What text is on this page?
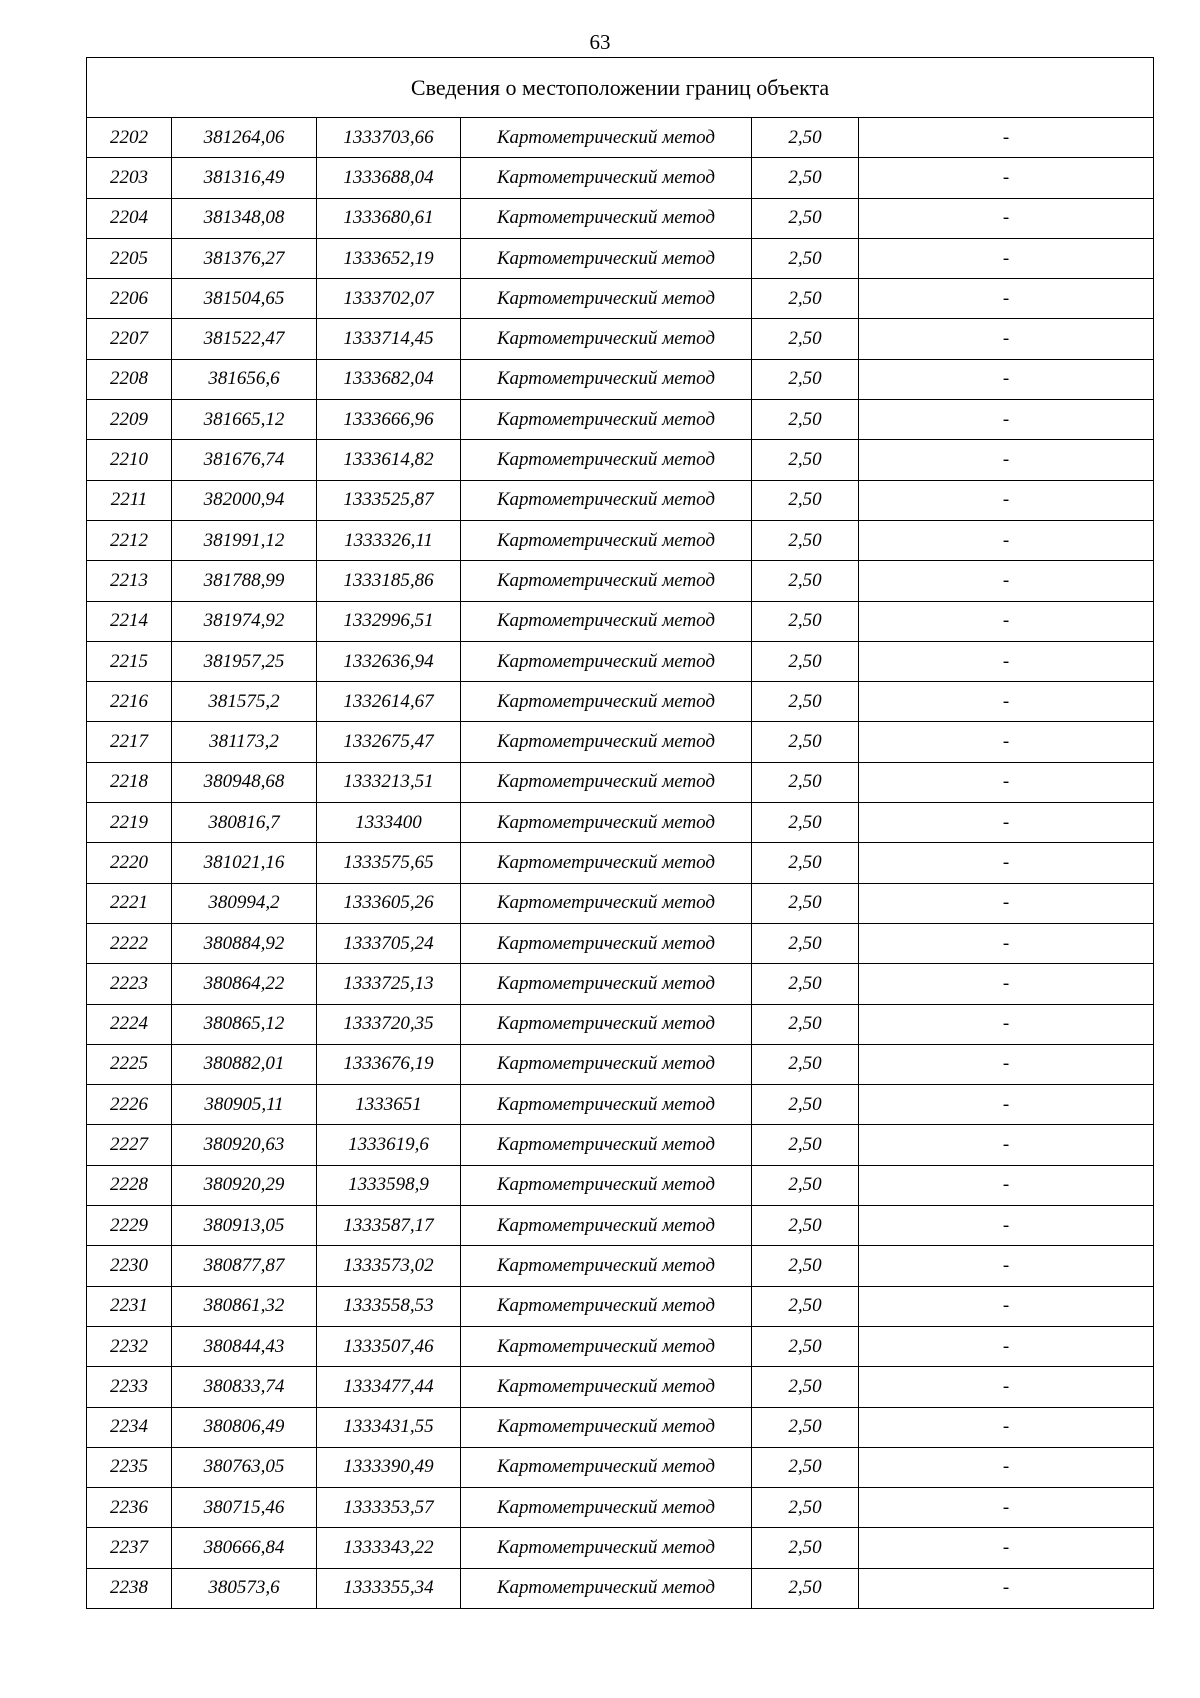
63
Сведения о местоположении границ объекта					
2202	381264,06	1333703,66	Картометрический метод	2,50	-
2203	381316,49	1333688,04	Картометрический метод	2,50	-
2204	381348,08	1333680,61	Картометрический метод	2,50	-
2205	381376,27	1333652,19	Картометрический метод	2,50	-
2206	381504,65	1333702,07	Картометрический метод	2,50	-
2207	381522,47	1333714,45	Картометрический метод	2,50	-
2208	381656,6	1333682,04	Картометрический метод	2,50	-
2209	381665,12	1333666,96	Картометрический метод	2,50	-
2210	381676,74	1333614,82	Картометрический метод	2,50	-
2211	382000,94	1333525,87	Картометрический метод	2,50	-
2212	381991,12	1333326,11	Картометрический метод	2,50	-
2213	381788,99	1333185,86	Картометрический метод	2,50	-
2214	381974,92	1332996,51	Картометрический метод	2,50	-
2215	381957,25	1332636,94	Картометрический метод	2,50	-
2216	381575,2	1332614,67	Картометрический метод	2,50	-
2217	381173,2	1332675,47	Картометрический метод	2,50	-
2218	380948,68	1333213,51	Картометрический метод	2,50	-
2219	380816,7	1333400	Картометрический метод	2,50	-
2220	381021,16	1333575,65	Картометрический метод	2,50	-
2221	380994,2	1333605,26	Картометрический метод	2,50	-
2222	380884,92	1333705,24	Картометрический метод	2,50	-
2223	380864,22	1333725,13	Картометрический метод	2,50	-
2224	380865,12	1333720,35	Картометрический метод	2,50	-
2225	380882,01	1333676,19	Картометрический метод	2,50	-
2226	380905,11	1333651	Картометрический метод	2,50	-
2227	380920,63	1333619,6	Картометрический метод	2,50	-
2228	380920,29	1333598,9	Картометрический метод	2,50	-
2229	380913,05	1333587,17	Картометрический метод	2,50	-
2230	380877,87	1333573,02	Картометрический метод	2,50	-
2231	380861,32	1333558,53	Картометрический метод	2,50	-
2232	380844,43	1333507,46	Картометрический метод	2,50	-
2233	380833,74	1333477,44	Картометрический метод	2,50	-
2234	380806,49	1333431,55	Картометрический метод	2,50	-
2235	380763,05	1333390,49	Картометрический метод	2,50	-
2236	380715,46	1333353,57	Картометрический метод	2,50	-
2237	380666,84	1333343,22	Картометрический метод	2,50	-
2238	380573,6	1333355,34	Картометрический метод	2,50	-
